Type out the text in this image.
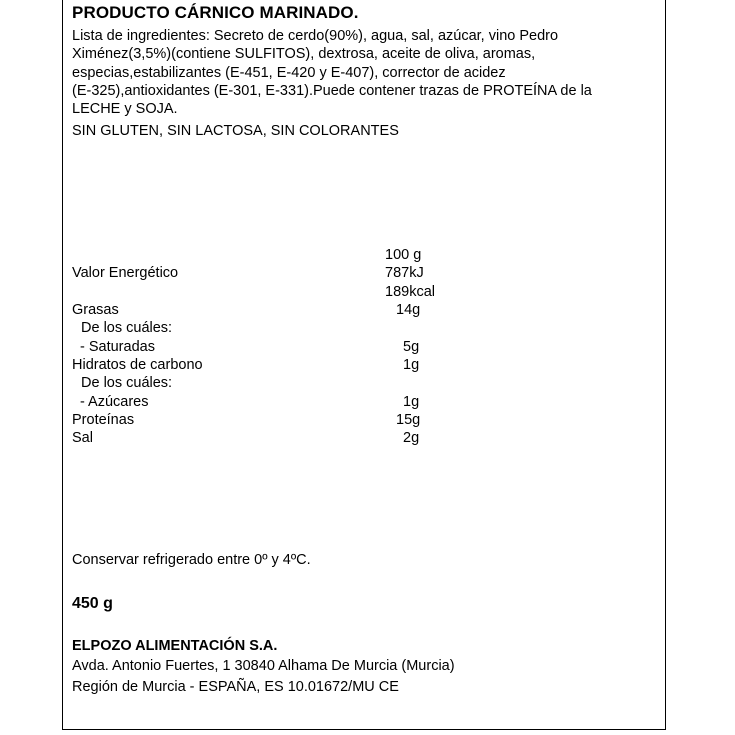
PRODUCTO CÁRNICO MARINADO.
Lista de ingredientes: Secreto de cerdo(90%), agua, sal, azúcar, vino Pedro
Ximénez(3,5%)(contiene SULFITOS), dextrosa, aceite de oliva, aromas,
especias,estabilizantes (E-451, E-420 y E-407), corrector de acidez
(E-325),antioxidantes (E-301, E-331).Puede contener trazas de PROTEÍNA de la
LECHE y SOJA.
SIN GLUTEN, SIN LACTOSA, SIN COLORANTES
100 g
Valor Energético	787kJ
189kcal
Grasas	14g
De los cuáles:
- Saturadas	5g
Hidratos de carbono	1g
De los cuáles:
- Azúcares	1g
Proteínas	15g
Sal	2g
Conservar refrigerado entre 0º y 4ºC.
450 g
ELPOZO ALIMENTACIÓN S.A.
Avda. Antonio Fuertes, 1 30840 Alhama De Murcia (Murcia)
Región de Murcia - ESPAÑA, ES 10.01672/MU CE
